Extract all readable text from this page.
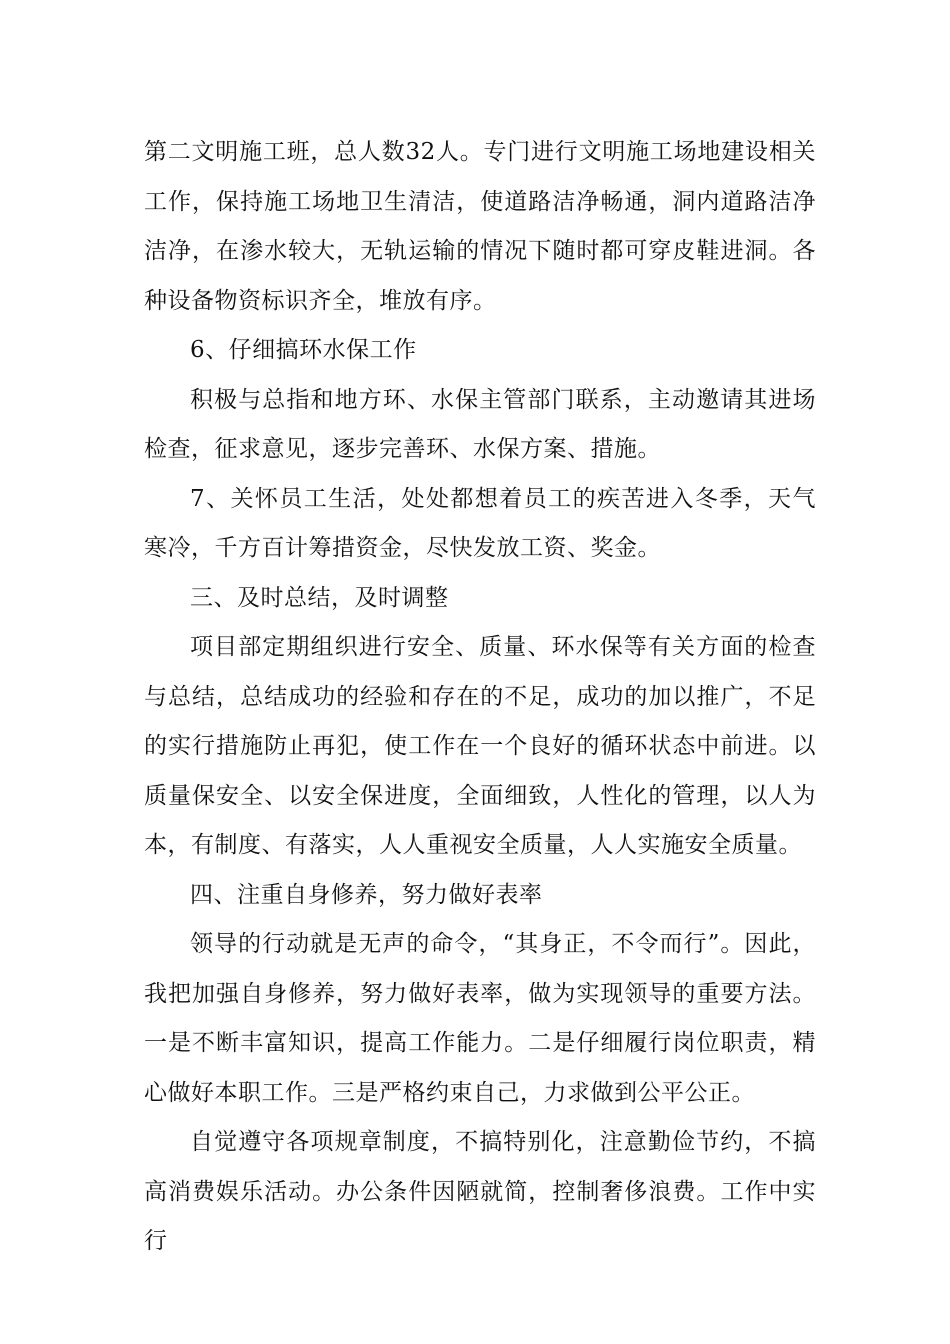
第二文明施工班，总人数32人。专门进行文明施工场地建设相关工作，保持施工场地卫生清洁，使道路洁净畅通，洞内道路洁净洁净，在渗水较大，无轨运输的情况下随时都可穿皮鞋进洞。各种设备物资标识齐全，堆放有序。

6、仔细搞环水保工作

积极与总指和地方环、水保主管部门联系，主动邀请其进场检查，征求意见，逐步完善环、水保方案、措施。

7、关怀员工生活，处处都想着员工的疾苦进入冬季，天气寒冷，千方百计筹措资金，尽快发放工资、奖金。

三、及时总结，及时调整

项目部定期组织进行安全、质量、环水保等有关方面的检查与总结，总结成功的经验和存在的不足，成功的加以推广，不足的实行措施防止再犯，使工作在一个良好的循环状态中前进。以质量保安全、以安全保进度，全面细致，人性化的管理，以人为本，有制度、有落实，人人重视安全质量，人人实施安全质量。

四、注重自身修养，努力做好表率

领导的行动就是无声的命令，“其身正，不令而行”。因此，我把加强自身修养，努力做好表率，做为实现领导的重要方法。一是不断丰富知识，提高工作能力。二是仔细履行岗位职责，精心做好本职工作。三是严格约束自己，力求做到公平公正。

自觉遵守各项规章制度，不搞特别化，注意勤俭节约，不搞高消费娱乐活动。办公条件因陋就简，控制奢侈浪费。工作中实行
